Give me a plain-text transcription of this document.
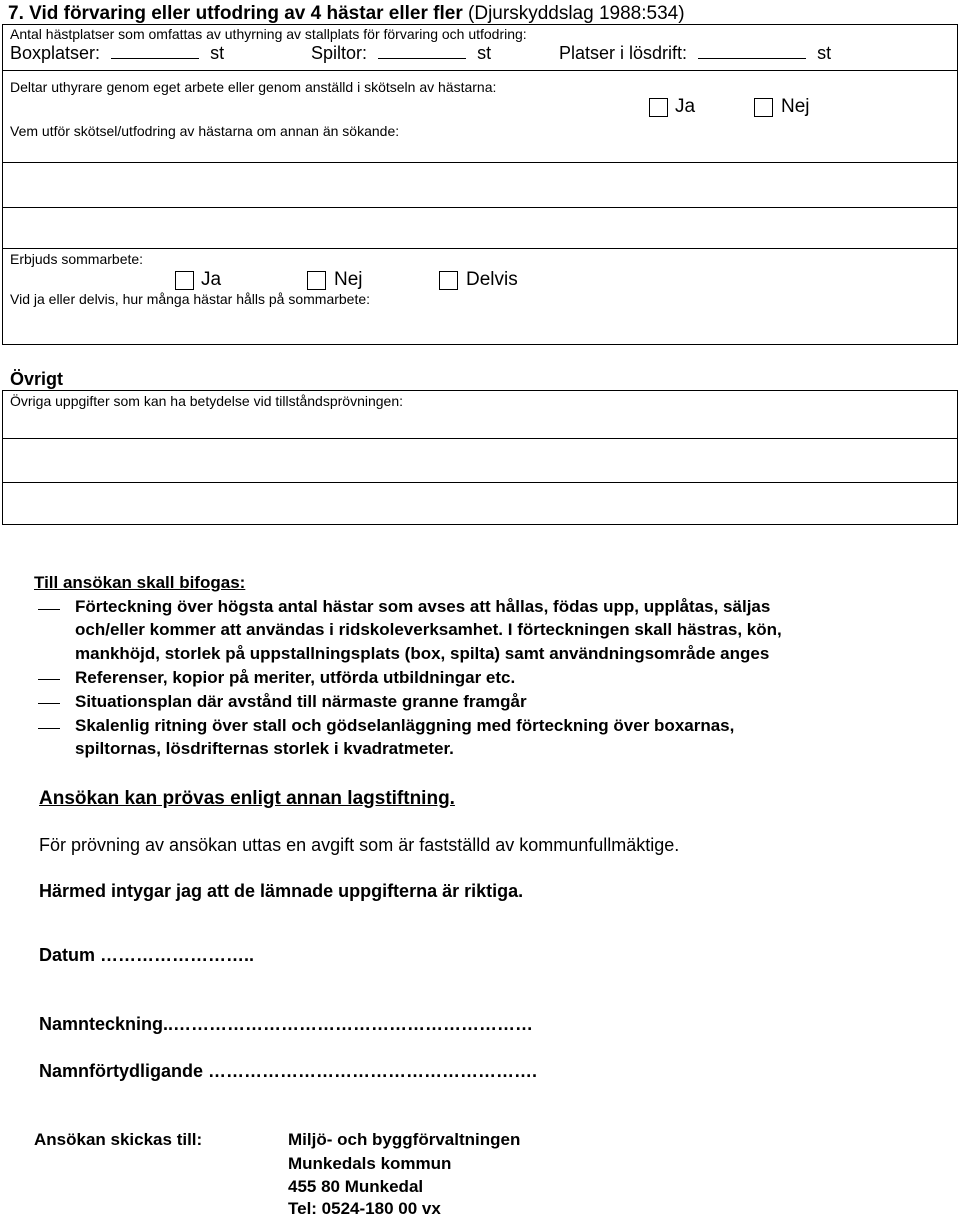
7. Vid förvaring eller utfodring av 4 hästar eller fler (Djurskyddslag 1988:534)
Antal hästplatser som omfattas av uthyrning av stallplats för förvaring och utfodring:
Boxplatser:	st	Spiltor:	st	Platser i lösdrift:	st
Deltar uthyrare genom eget arbete eller genom anställd i skötseln av hästarna:
Ja	Nej
Vem utför skötsel/utfodring av hästarna om annan än sökande:
Erbjuds sommarbete:
Ja	Nej	Delvis
Vid ja eller delvis, hur många hästar hålls på sommarbete:
Övrigt
Övriga uppgifter som kan ha betydelse vid tillståndsprövningen:
Till ansökan skall bifogas:
Förteckning över högsta antal hästar som avses att hållas, födas upp, upplåtas, säljas
och/eller kommer att användas i ridskoleverksamhet. I förteckningen skall hästras, kön,
mankhöjd, storlek på uppstallningsplats (box, spilta) samt användningsområde anges
Referenser, kopior på meriter, utförda utbildningar etc.
Situationsplan där avstånd till närmaste granne framgår
Skalenlig ritning över stall och gödselanläggning med förteckning över boxarnas,
spiltornas, lösdrifternas storlek i kvadratmeter.
Ansökan kan prövas enligt annan lagstiftning.
För prövning av ansökan uttas en avgift som är fastställd av kommunfullmäktige.
Härmed intygar jag att de lämnade uppgifterna är riktiga.
Datum ……………………..
Namnteckning..……………………………………………………
Namnförtydligande ……………………………………………….
Ansökan skickas till:	Miljö- och byggförvaltningen
Munkedals kommun
455 80 Munkedal
Tel: 0524-180 00 vx
